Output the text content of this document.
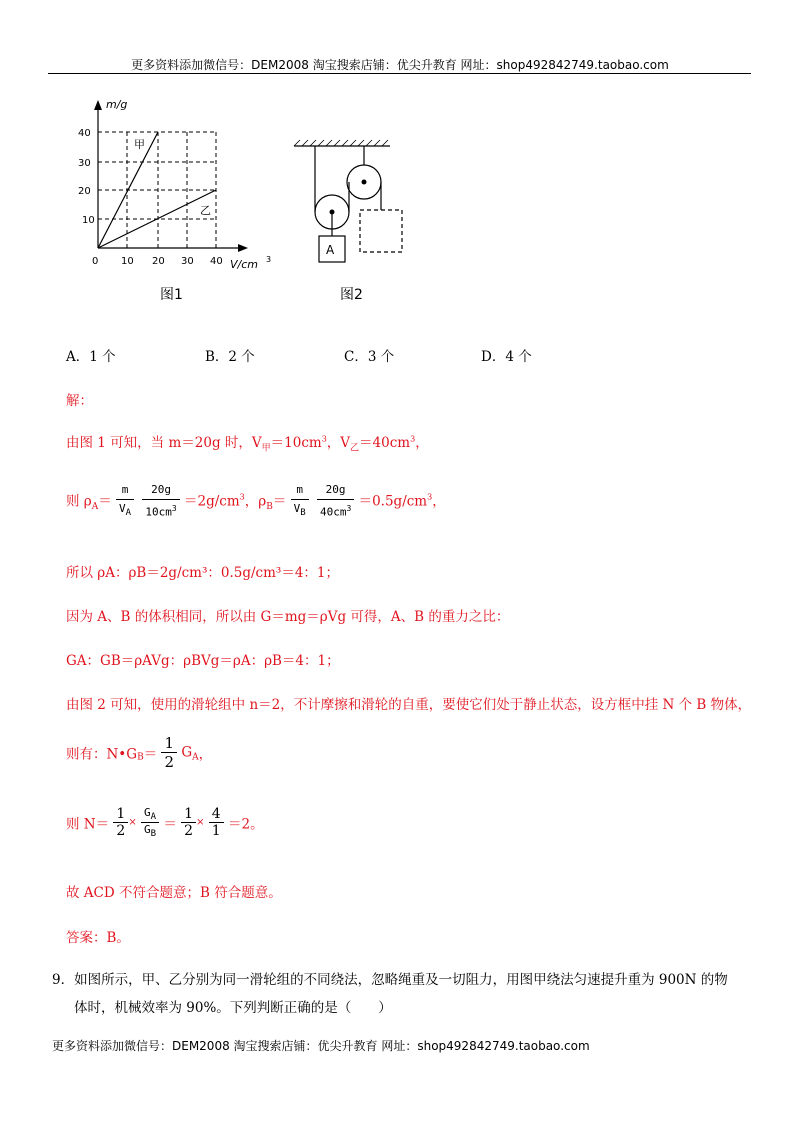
更多资料添加微信号：DEM2008 淘宝搜索店铺：优尖升教育 网址：shop492842749.taobao.com
m/g
40
30
20
10
0 10 20 30 40 V/cm 3
甲
乙
图1
A
图2
A．1 个	B．2 个	C．3 个	D．4 个
解：
由图 1 可知，当 m＝20g 时，$V_甲=10cm^3$，$V_乙=40cm^3$，
则 $\rho_A= \frac{m}{V_A}$
$\frac{20g}{10cm^3} =2g/cm^3$，$\rho_B= \frac{m}{V_B}$
$\frac{20g}{40cm^3} =0.5g/cm^3$，
所以 ρA：ρB＝2g/cm³：0.5g/cm³＝4：1；
因为 A、B 的体积相同，所以由 G＝mg＝ρVg 可得，A、B 的重力之比：
GA：GB＝ρAVg：ρBVg＝ρA：ρB＝4：1；
由图 2 可知，使用的滑轮组中 n＝2，不计摩擦和滑轮的自重，要使它们处于静止状态，设方框中挂 N 个 B 物体，
则有：$N•G_B= \frac{1}{2} G_A$，
则 $N= \frac{1}{2} \times \frac{G_A}{G_B} = \frac{1}{2} \times \frac{4}{1} =2$。
故 ACD 不符合题意；B 符合题意。
答案：B。
9．如图所示，甲、乙分别为同一滑轮组的不同绕法，忽略绳重及一切阻力，用图甲绕法匀速提升重为 900N 的物
体时，机械效率为 90%。下列判断正确的是（　　）
更多资料添加微信号：DEM2008 淘宝搜索店铺：优尖升教育 网址：shop492842749.taobao.com
